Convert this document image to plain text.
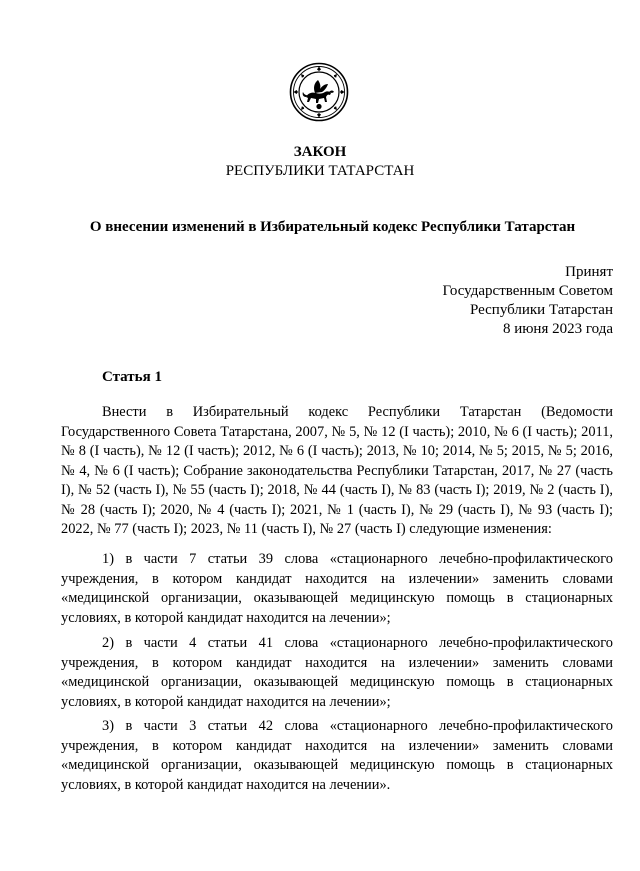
ЗАКОН
РЕСПУБЛИКИ ТАТАРСТАН
О внесении изменений в Избирательный кодекс Республики Татарстан
Принят
Государственным Советом
Республики Татарстан
8 июня 2023 года
Статья 1
Внести в Избирательный кодекс Республики Татарстан (Ведомости Государственного Совета Татарстана, 2007, № 5, № 12 (I часть); 2010, № 6 (I часть); 2011, № 8 (I часть), № 12 (I часть); 2012, № 6 (I часть); 2013, № 10; 2014, № 5; 2015, № 5; 2016, № 4, № 6 (I часть); Собрание законодательства Республики Татарстан, 2017, № 27 (часть I), № 52 (часть I), № 55 (часть I); 2018, № 44 (часть I), № 83 (часть I); 2019, № 2 (часть I), № 28 (часть I); 2020, № 4 (часть I); 2021, № 1 (часть I), № 29 (часть I), № 93 (часть I); 2022, № 77 (часть I); 2023, № 11 (часть I), № 27 (часть I) следующие изменения:
1) в части 7 статьи 39 слова «стационарного лечебно-профилактического учреждения, в котором кандидат находится на излечении» заменить словами «медицинской организации, оказывающей медицинскую помощь в стационарных условиях, в которой кандидат находится на лечении»;
2) в части 4 статьи 41 слова «стационарного лечебно-профилактического учреждения, в котором кандидат находится на излечении» заменить словами «медицинской организации, оказывающей медицинскую помощь в стационарных условиях, в которой кандидат находится на лечении»;
3) в части 3 статьи 42 слова «стационарного лечебно-профилактического учреждения, в котором кандидат находится на излечении» заменить словами «медицинской организации, оказывающей медицинскую помощь в стационарных условиях, в которой кандидат находится на лечении».
